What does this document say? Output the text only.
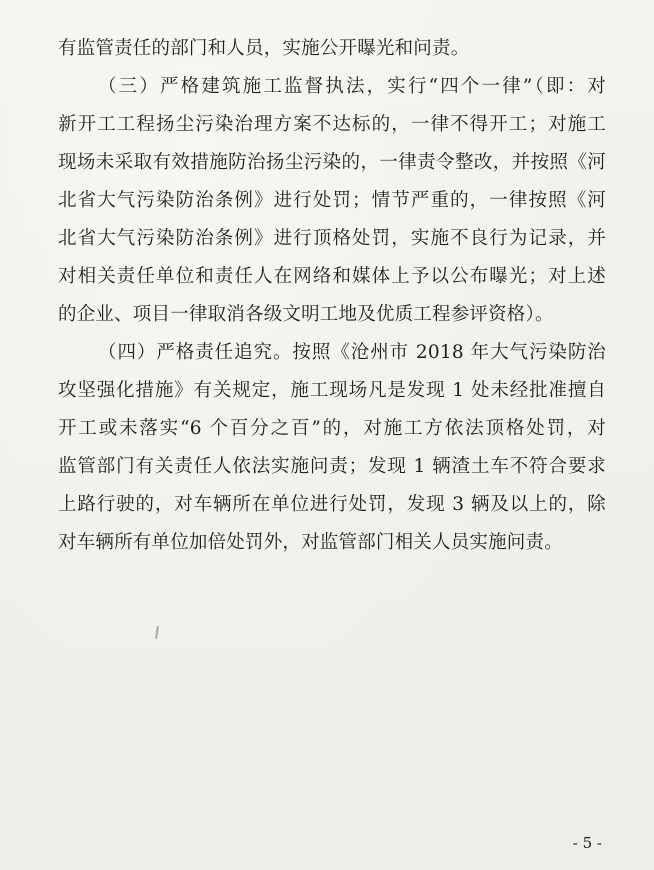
有监管责任的部门和人员，实施公开曝光和问责。
（三）严格建筑施工监督执法，实行“四个一律”（即：对
新开工工程扬尘污染治理方案不达标的，一律不得开工；对施工
现场未采取有效措施防治扬尘污染的，一律责令整改，并按照《河
北省大气污染防治条例》进行处罚；情节严重的，一律按照《河
北省大气污染防治条例》进行顶格处罚，实施不良行为记录，并
对相关责任单位和责任人在网络和媒体上予以公布曝光；对上述
的企业、项目一律取消各级文明工地及优质工程参评资格）。
（四）严格责任追究。按照《沧州市 2018 年大气污染防治
攻坚强化措施》有关规定，施工现场凡是发现 1 处未经批准擅自
开工或未落实“6 个百分之百”的，对施工方依法顶格处罚，对
监管部门有关责任人依法实施问责；发现 1 辆渣土车不符合要求
上路行驶的，对车辆所在单位进行处罚，发现 3 辆及以上的，除
对车辆所有单位加倍处罚外，对监管部门相关人员实施问责。
- 5 -
